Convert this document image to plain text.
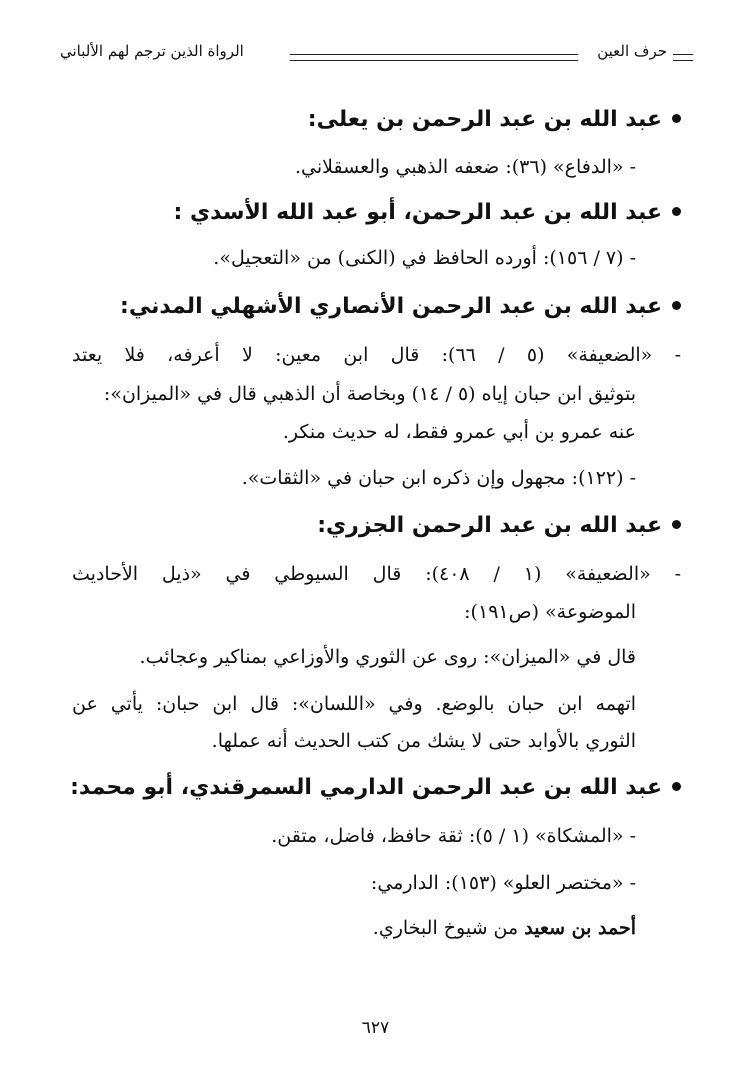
حرف العين
الرواة الذين ترجم لهم الألباني
عبد الله بن عبد الرحمن بن يعلى:
- «الدفاع» (٣٦): ضعفه الذهبي والعسقلاني.
عبد الله بن عبد الرحمن، أبو عبد الله الأسدي :
- (٧ / ١٥٦): أورده الحافظ في (الكنى) من «التعجيل».
عبد الله بن عبد الرحمن الأنصاري الأشهلي المدني:
- «الضعيفة» (٥ / ٦٦): قال ابن معين: لا أعرفه، فلا يعتد
بتوثيق ابن حبان إياه (٥ / ١٤) وبخاصة أن الذهبي قال في «الميزان»:
عنه عمرو بن أبي عمرو فقط، له حديث منكر.
- (١٢٢): مجهول وإن ذكره ابن حبان في «الثقات».
عبد الله بن عبد الرحمن الجزري:
- «الضعيفة» (١ / ٤٠٨): قال السيوطي في «ذيل الأحاديث
الموضوعة» (ص١٩١):
قال في «الميزان»: روى عن الثوري والأوزاعي بمناكير وعجائب.
اتهمه ابن حبان بالوضع. وفي «اللسان»: قال ابن حبان: يأتي عن
الثوري بالأوابد حتى لا يشك من كتب الحديث أنه عملها.
عبد الله بن عبد الرحمن الدارمي السمرقندي، أبو محمد:
- «المشكاة» (١ / ٥): ثقة حافظ، فاضل، متقن.
- «مختصر العلو» (١٥٣): الدارمي:
أحمد بن سعيد من شيوخ البخاري.
٦٢٧
